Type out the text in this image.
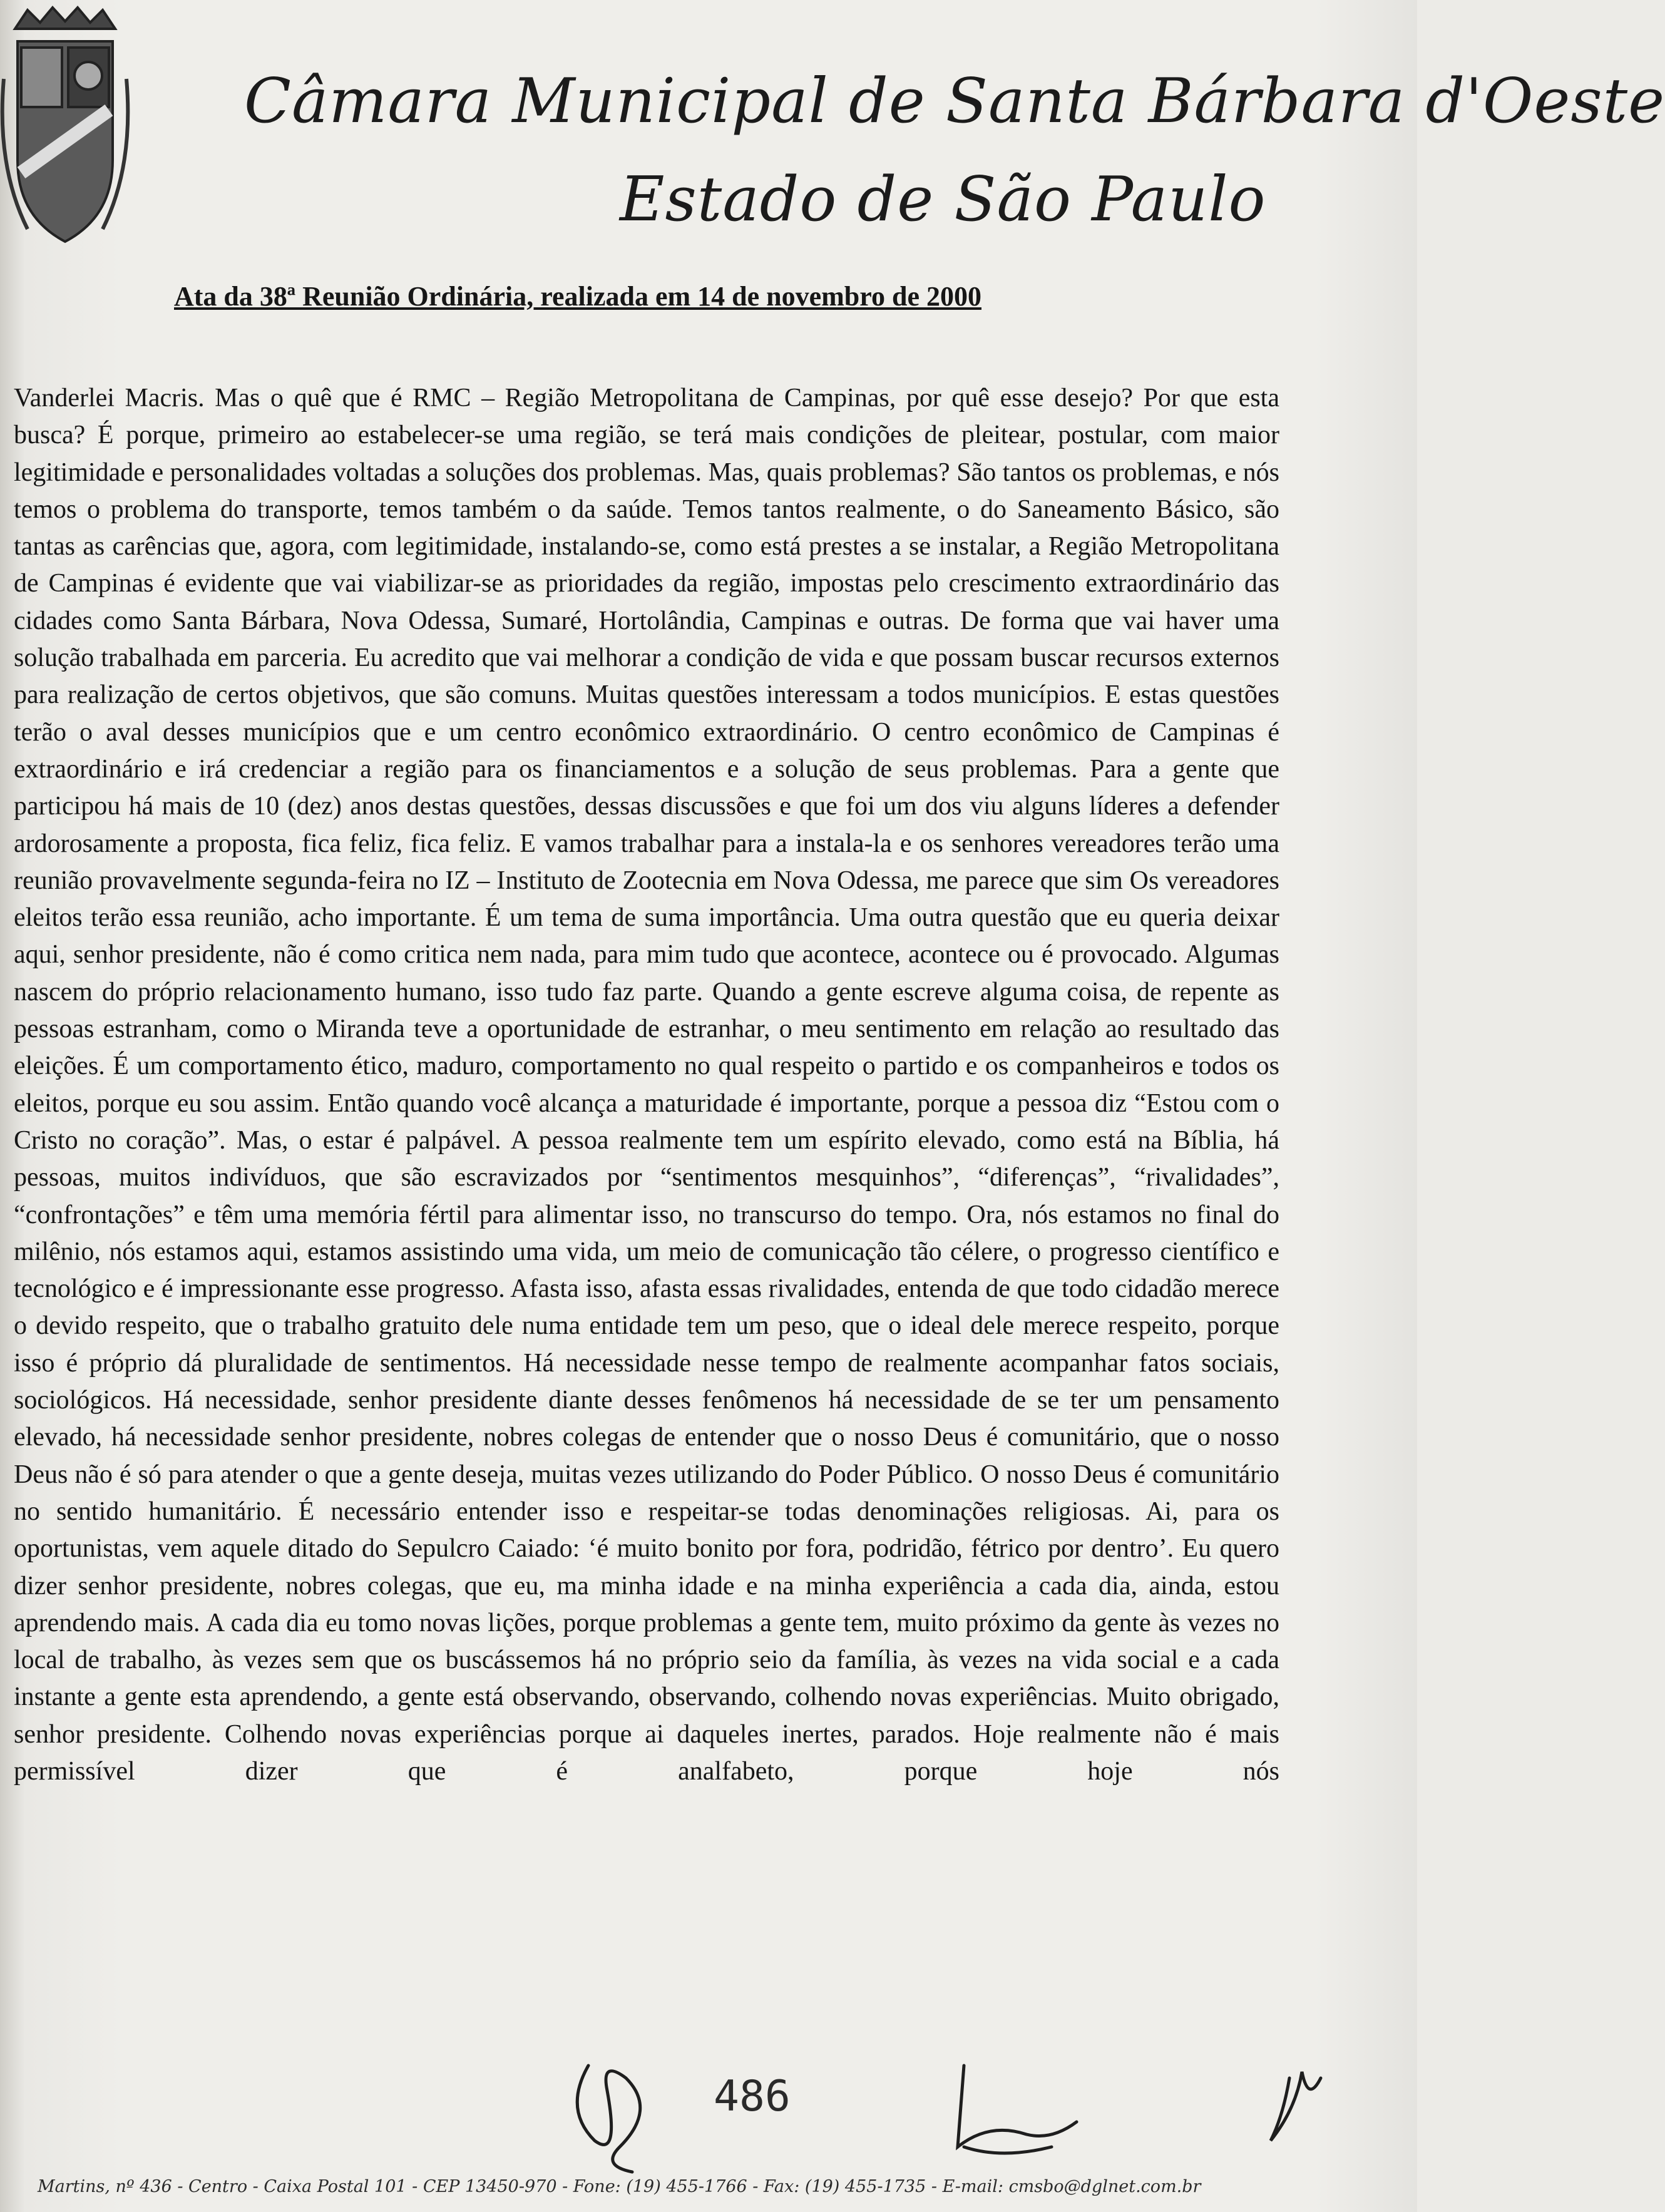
Câmara Municipal de Santa Bárbara d'Oeste
Estado de São Paulo
Ata da 38ª Reunião Ordinária, realizada em 14 de novembro de 2000

Vanderlei Macris. Mas o quê que é RMC – Região Metropolitana de Campinas, por quê esse desejo? Por que esta busca? É porque, primeiro ao estabelecer-se uma região, se terá mais condições de pleitear, postular, com maior legitimidade e personalidades voltadas a soluções dos problemas. Mas, quais problemas? São tantos os problemas, e nós temos o problema do transporte, temos também o da saúde. Temos tantos realmente, o do Saneamento Básico, são tantas as carências que, agora, com legitimidade, instalando-se, como está prestes a se instalar, a Região Metropolitana de Campinas é evidente que vai viabilizar-se as prioridades da região, impostas pelo crescimento extraordinário das cidades como Santa Bárbara, Nova Odessa, Sumaré, Hortolândia, Campinas e outras. De forma que vai haver uma solução trabalhada em parceria. Eu acredito que vai melhorar a condição de vida e que possam buscar recursos externos para realização de certos objetivos, que são comuns. Muitas questões interessam a todos municípios. E estas questões terão o aval desses municípios que e um centro econômico extraordinário. O centro econômico de Campinas é extraordinário e irá credenciar a região para os financiamentos e a solução de seus problemas. Para a gente que participou há mais de 10 (dez) anos destas questões, dessas discussões e que foi um dos viu alguns líderes a defender ardorosamente a proposta, fica feliz, fica feliz. E vamos trabalhar para a instala-la e os senhores vereadores terão uma reunião provavelmente segunda-feira no IZ – Instituto de Zootecnia em Nova Odessa, me parece que sim Os vereadores eleitos terão essa reunião, acho importante. É um tema de suma importância. Uma outra questão que eu queria deixar aqui, senhor presidente, não é como critica nem nada, para mim tudo que acontece, acontece ou é provocado. Algumas nascem do próprio relacionamento humano, isso tudo faz parte. Quando a gente escreve alguma coisa, de repente as pessoas estranham, como o Miranda teve a oportunidade de estranhar, o meu sentimento em relação ao resultado das eleições. É um comportamento ético, maduro, comportamento no qual respeito o partido e os companheiros e todos os eleitos, porque eu sou assim. Então quando você alcança a maturidade é importante, porque a pessoa diz “Estou com o Cristo no coração”. Mas, o estar é palpável. A pessoa realmente tem um espírito elevado, como está na Bíblia, há pessoas, muitos indivíduos, que são escravizados por “sentimentos mesquinhos”, “diferenças”, “rivalidades”, “confrontações” e têm uma memória fértil para alimentar isso, no transcurso do tempo. Ora, nós estamos no final do milênio, nós estamos aqui, estamos assistindo uma vida, um meio de comunicação tão célere, o progresso científico e tecnológico e é impressionante esse progresso. Afasta isso, afasta essas rivalidades, entenda de que todo cidadão merece o devido respeito, que o trabalho gratuito dele numa entidade tem um peso, que o ideal dele merece respeito, porque isso é próprio dá pluralidade de sentimentos. Há necessidade nesse tempo de realmente acompanhar fatos sociais, sociológicos. Há necessidade, senhor presidente diante desses fenômenos há necessidade de se ter um pensamento elevado, há necessidade senhor presidente, nobres colegas de entender que o nosso Deus é comunitário, que o nosso Deus não é só para atender o que a gente deseja, muitas vezes utilizando do Poder Público. O nosso Deus é comunitário no sentido humanitário. É necessário entender isso e respeitar-se todas denominações religiosas. Ai, para os oportunistas, vem aquele ditado do Sepulcro Caiado: ‘é muito bonito por fora, podridão, fétrico por dentro’. Eu quero dizer senhor presidente, nobres colegas, que eu, ma minha idade e na minha experiência a cada dia, ainda, estou aprendendo mais. A cada dia eu tomo novas lições, porque problemas a gente tem, muito próximo da gente às vezes no local de trabalho, às vezes sem que os buscássemos há no próprio seio da família, às vezes na vida social e a cada instante a gente esta aprendendo, a gente está observando, observando, colhendo novas experiências. Muito obrigado, senhor presidente. Colhendo novas experiências porque ai daqueles inertes, parados. Hoje realmente não é mais permissível dizer que é analfabeto, porque hoje nós

486
Martins, nº 436 - Centro - Caixa Postal 101 - CEP 13450-970 - Fone: (19) 455-1766 - Fax: (19) 455-1735 - E-mail: cmsbo@dglnet.com.br
